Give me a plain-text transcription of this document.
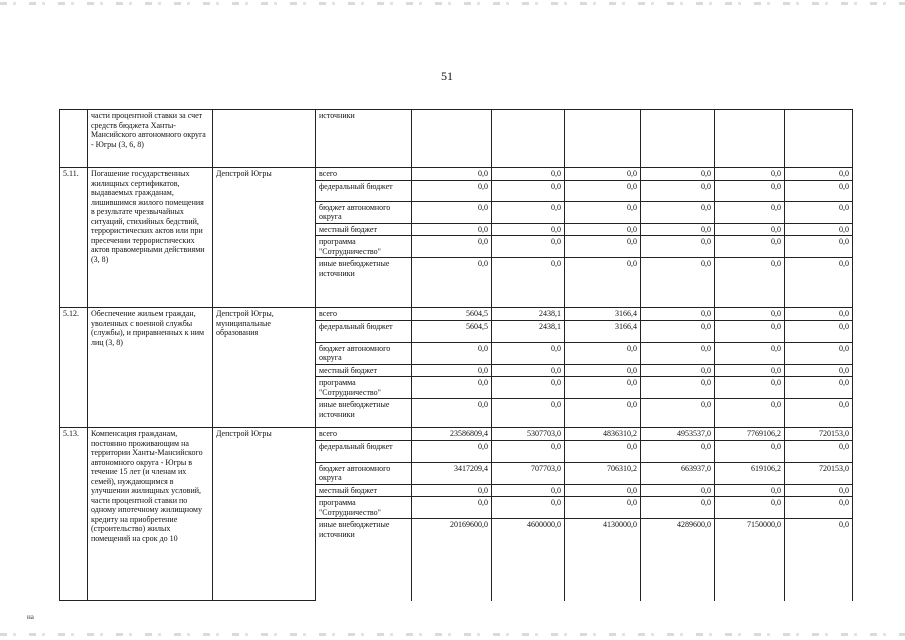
51
	части процентной ставки за счет средств бюджета Ханты-Мансийского автономного округа - Югры (3, 6, 8)		источники						
5.11.	Погашение государственных жилищных сертификатов, выдаваемых гражданам, лишившимся жилого помещения в результате чрезвычайных ситуаций, стихийных бедствий, террористических актов или при пресечении террористических актов правомерными действиями (3, 8)	Депстрой Югры	всего	0,0	0,0	0,0	0,0	0,0	0,0
			федеральный бюджет	0,0	0,0	0,0	0,0	0,0	0,0
			бюджет автономного округа	0,0	0,0	0,0	0,0	0,0	0,0
			местный бюджет	0,0	0,0	0,0	0,0	0,0	0,0
			программа "Сотрудничество"	0,0	0,0	0,0	0,0	0,0	0,0
			иные внебюджетные источники	0,0	0,0	0,0	0,0	0,0	0,0
5.12.	Обеспечение жильем граждан, уволенных с военной службы (службы), и приравненных к ним лиц (3, 8)	Депстрой Югры, муниципальные образования	всего	5604,5	2438,1	3166,4	0,0	0,0	0,0
			федеральный бюджет	5604,5	2438,1	3166,4	0,0	0,0	0,0
			бюджет автономного округа	0,0	0,0	0,0	0,0	0,0	0,0
			местный бюджет	0,0	0,0	0,0	0,0	0,0	0,0
			программа "Сотрудничество"	0,0	0,0	0,0	0,0	0,0	0,0
			иные внебюджетные источники	0,0	0,0	0,0	0,0	0,0	0,0
5.13.	Компенсация гражданам, постоянно проживающим на территории Ханты-Мансийского автономного округа - Югры в течение 15 лет (и членам их семей), нуждающимся в улучшении жилищных условий, части процентной ставки по одному ипотечному жилищному кредиту на приобретение (строительство) жилых помещений на срок до 10	Депстрой Югры	всего	23586809,4	5307703,0	4836310,2	4953537,0	7769106,2	720153,0
			федеральный бюджет	0,0	0,0	0,0	0,0	0,0	0,0
			бюджет автономного округа	3417209,4	707703,0	706310,2	663937,0	619106,2	720153,0
			местный бюджет	0,0	0,0	0,0	0,0	0,0	0,0
			программа "Сотрудничество"	0,0	0,0	0,0	0,0	0,0	0,0
			иные внебюджетные источники	20169600,0	4600000,0	4130000,0	4289600,0	7150000,0	0,0
на
